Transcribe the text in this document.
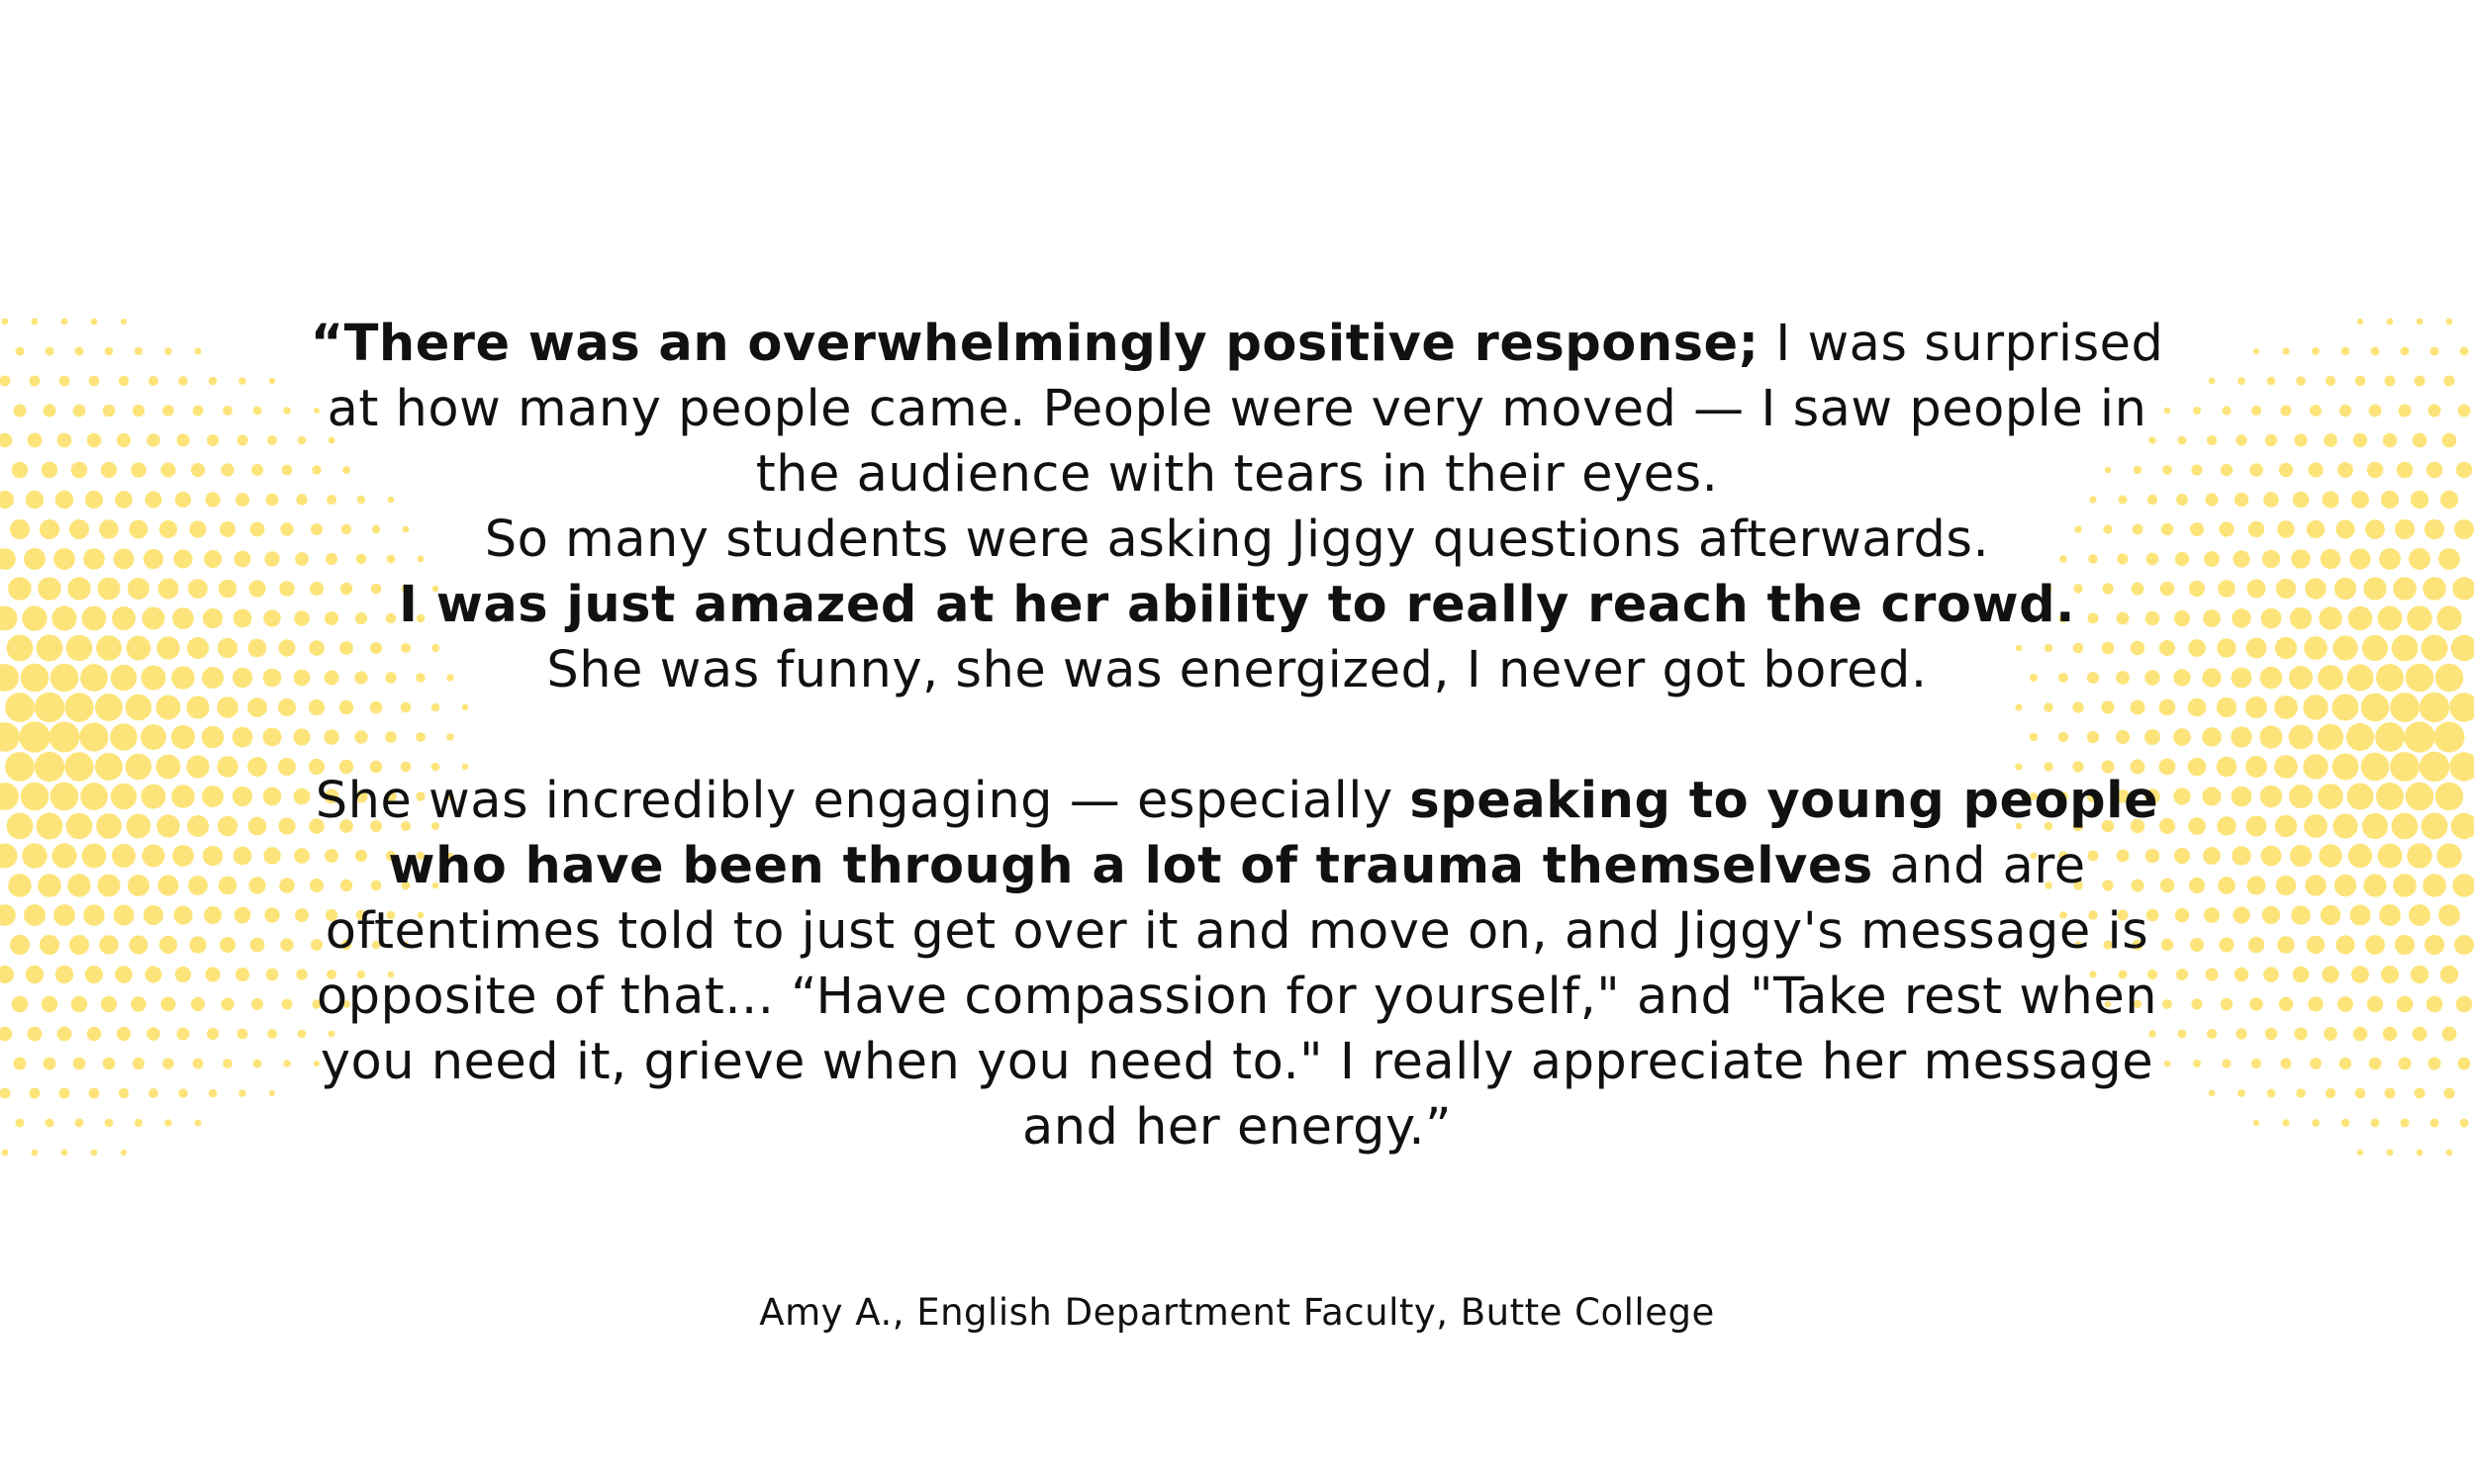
“There was an overwhelmingly positive response; I was surprised at how many people came. People were very moved — I saw people in the audience with tears in their eyes.
So many students were asking Jiggy questions afterwards.
I was just amazed at her ability to really reach the crowd.
She was funny, she was energized, I never got bored.

She was incredibly engaging — especially speaking to young people who have been through a lot of trauma themselves and are oftentimes told to just get over it and move on, and Jiggy's message is opposite of that... “Have compassion for yourself," and "Take rest when you need it, grieve when you need to." I really appreciate her message and her energy.”

Amy A., English Department Faculty, Butte College
